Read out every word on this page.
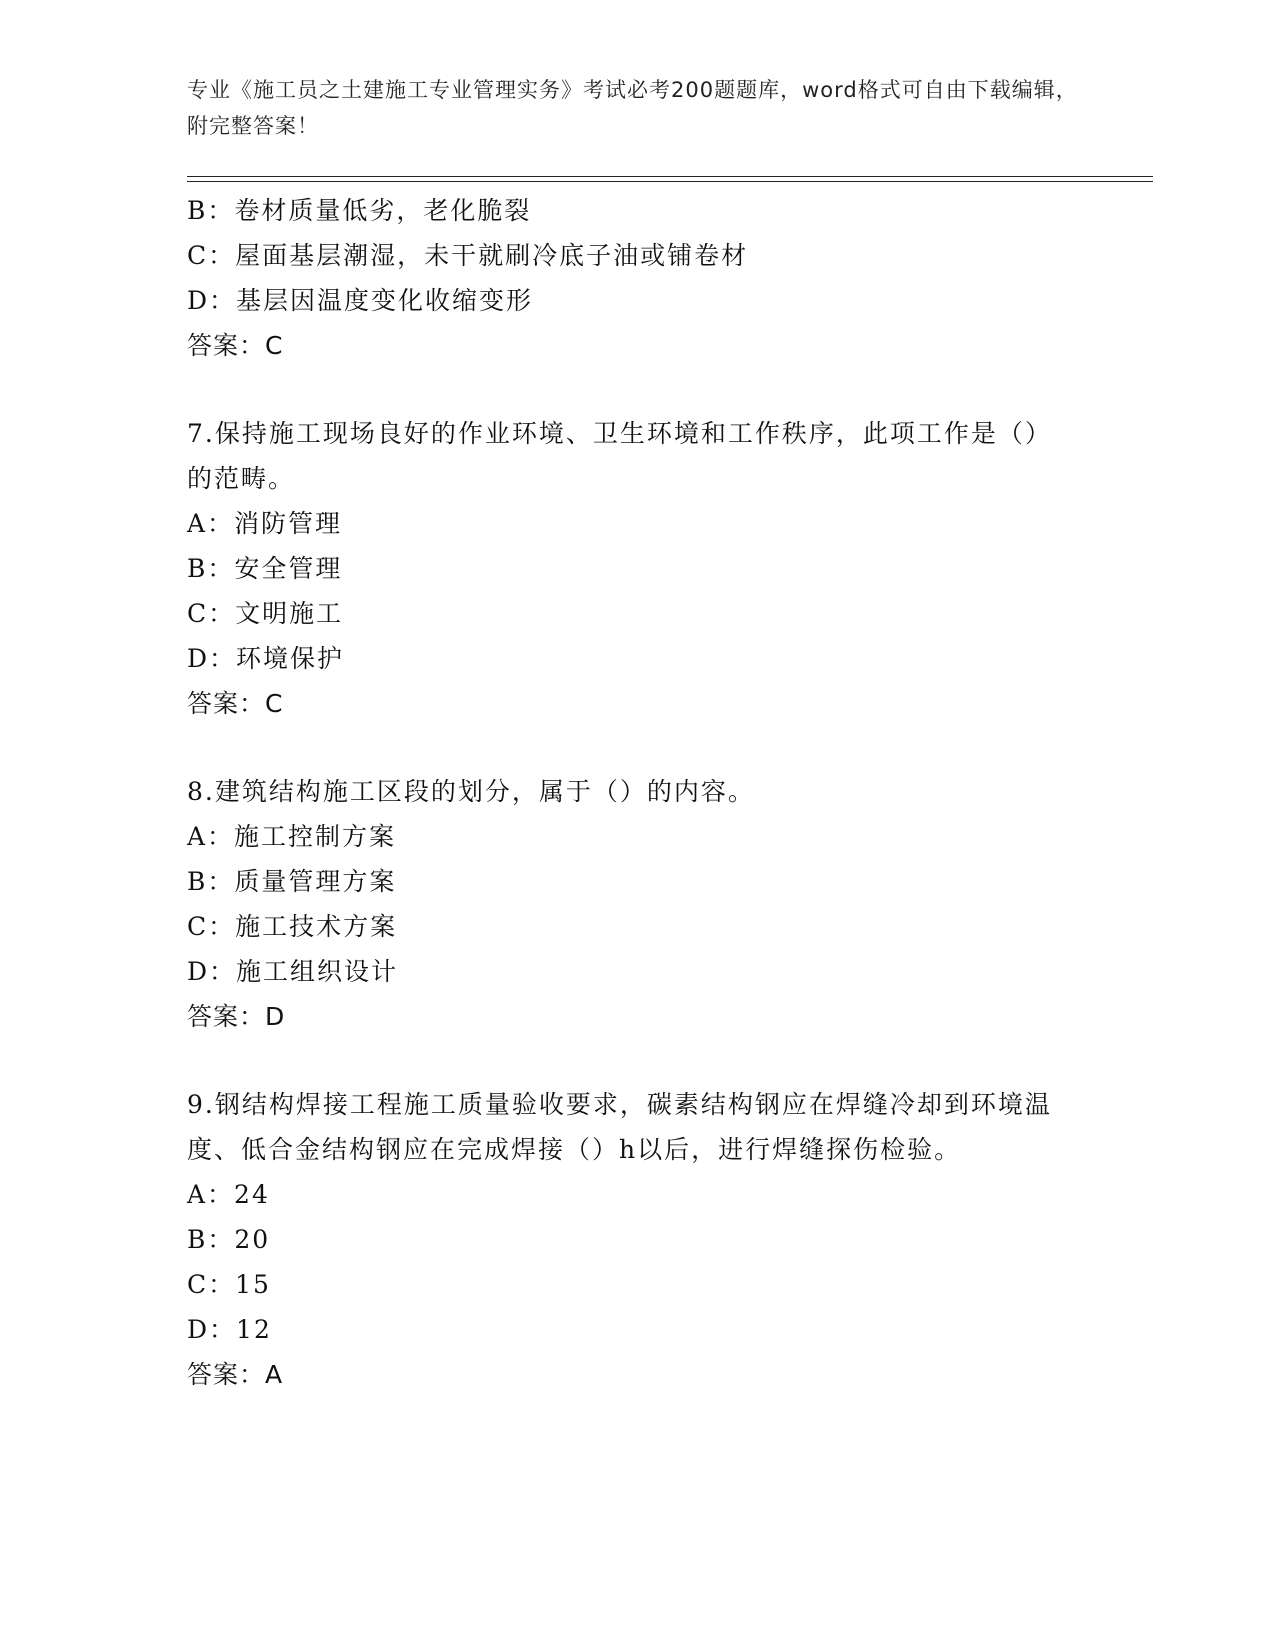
专业《施工员之土建施工专业管理实务》考试必考200题题库，word格式可自由下载编辑，附完整答案！
B：卷材质量低劣，老化脆裂
C：屋面基层潮湿，未干就刷冷底子油或铺卷材
D：基层因温度变化收缩变形
答案：C
7.保持施工现场良好的作业环境、卫生环境和工作秩序，此项工作是（）的范畴。
A：消防管理
B：安全管理
C：文明施工
D：环境保护
答案：C
8.建筑结构施工区段的划分，属于（）的内容。
A：施工控制方案
B：质量管理方案
C：施工技术方案
D：施工组织设计
答案：D
9.钢结构焊接工程施工质量验收要求，碳素结构钢应在焊缝冷却到环境温度、低合金结构钢应在完成焊接（）h以后，进行焊缝探伤检验。
A：24
B：20
C：15
D：12
答案：A
